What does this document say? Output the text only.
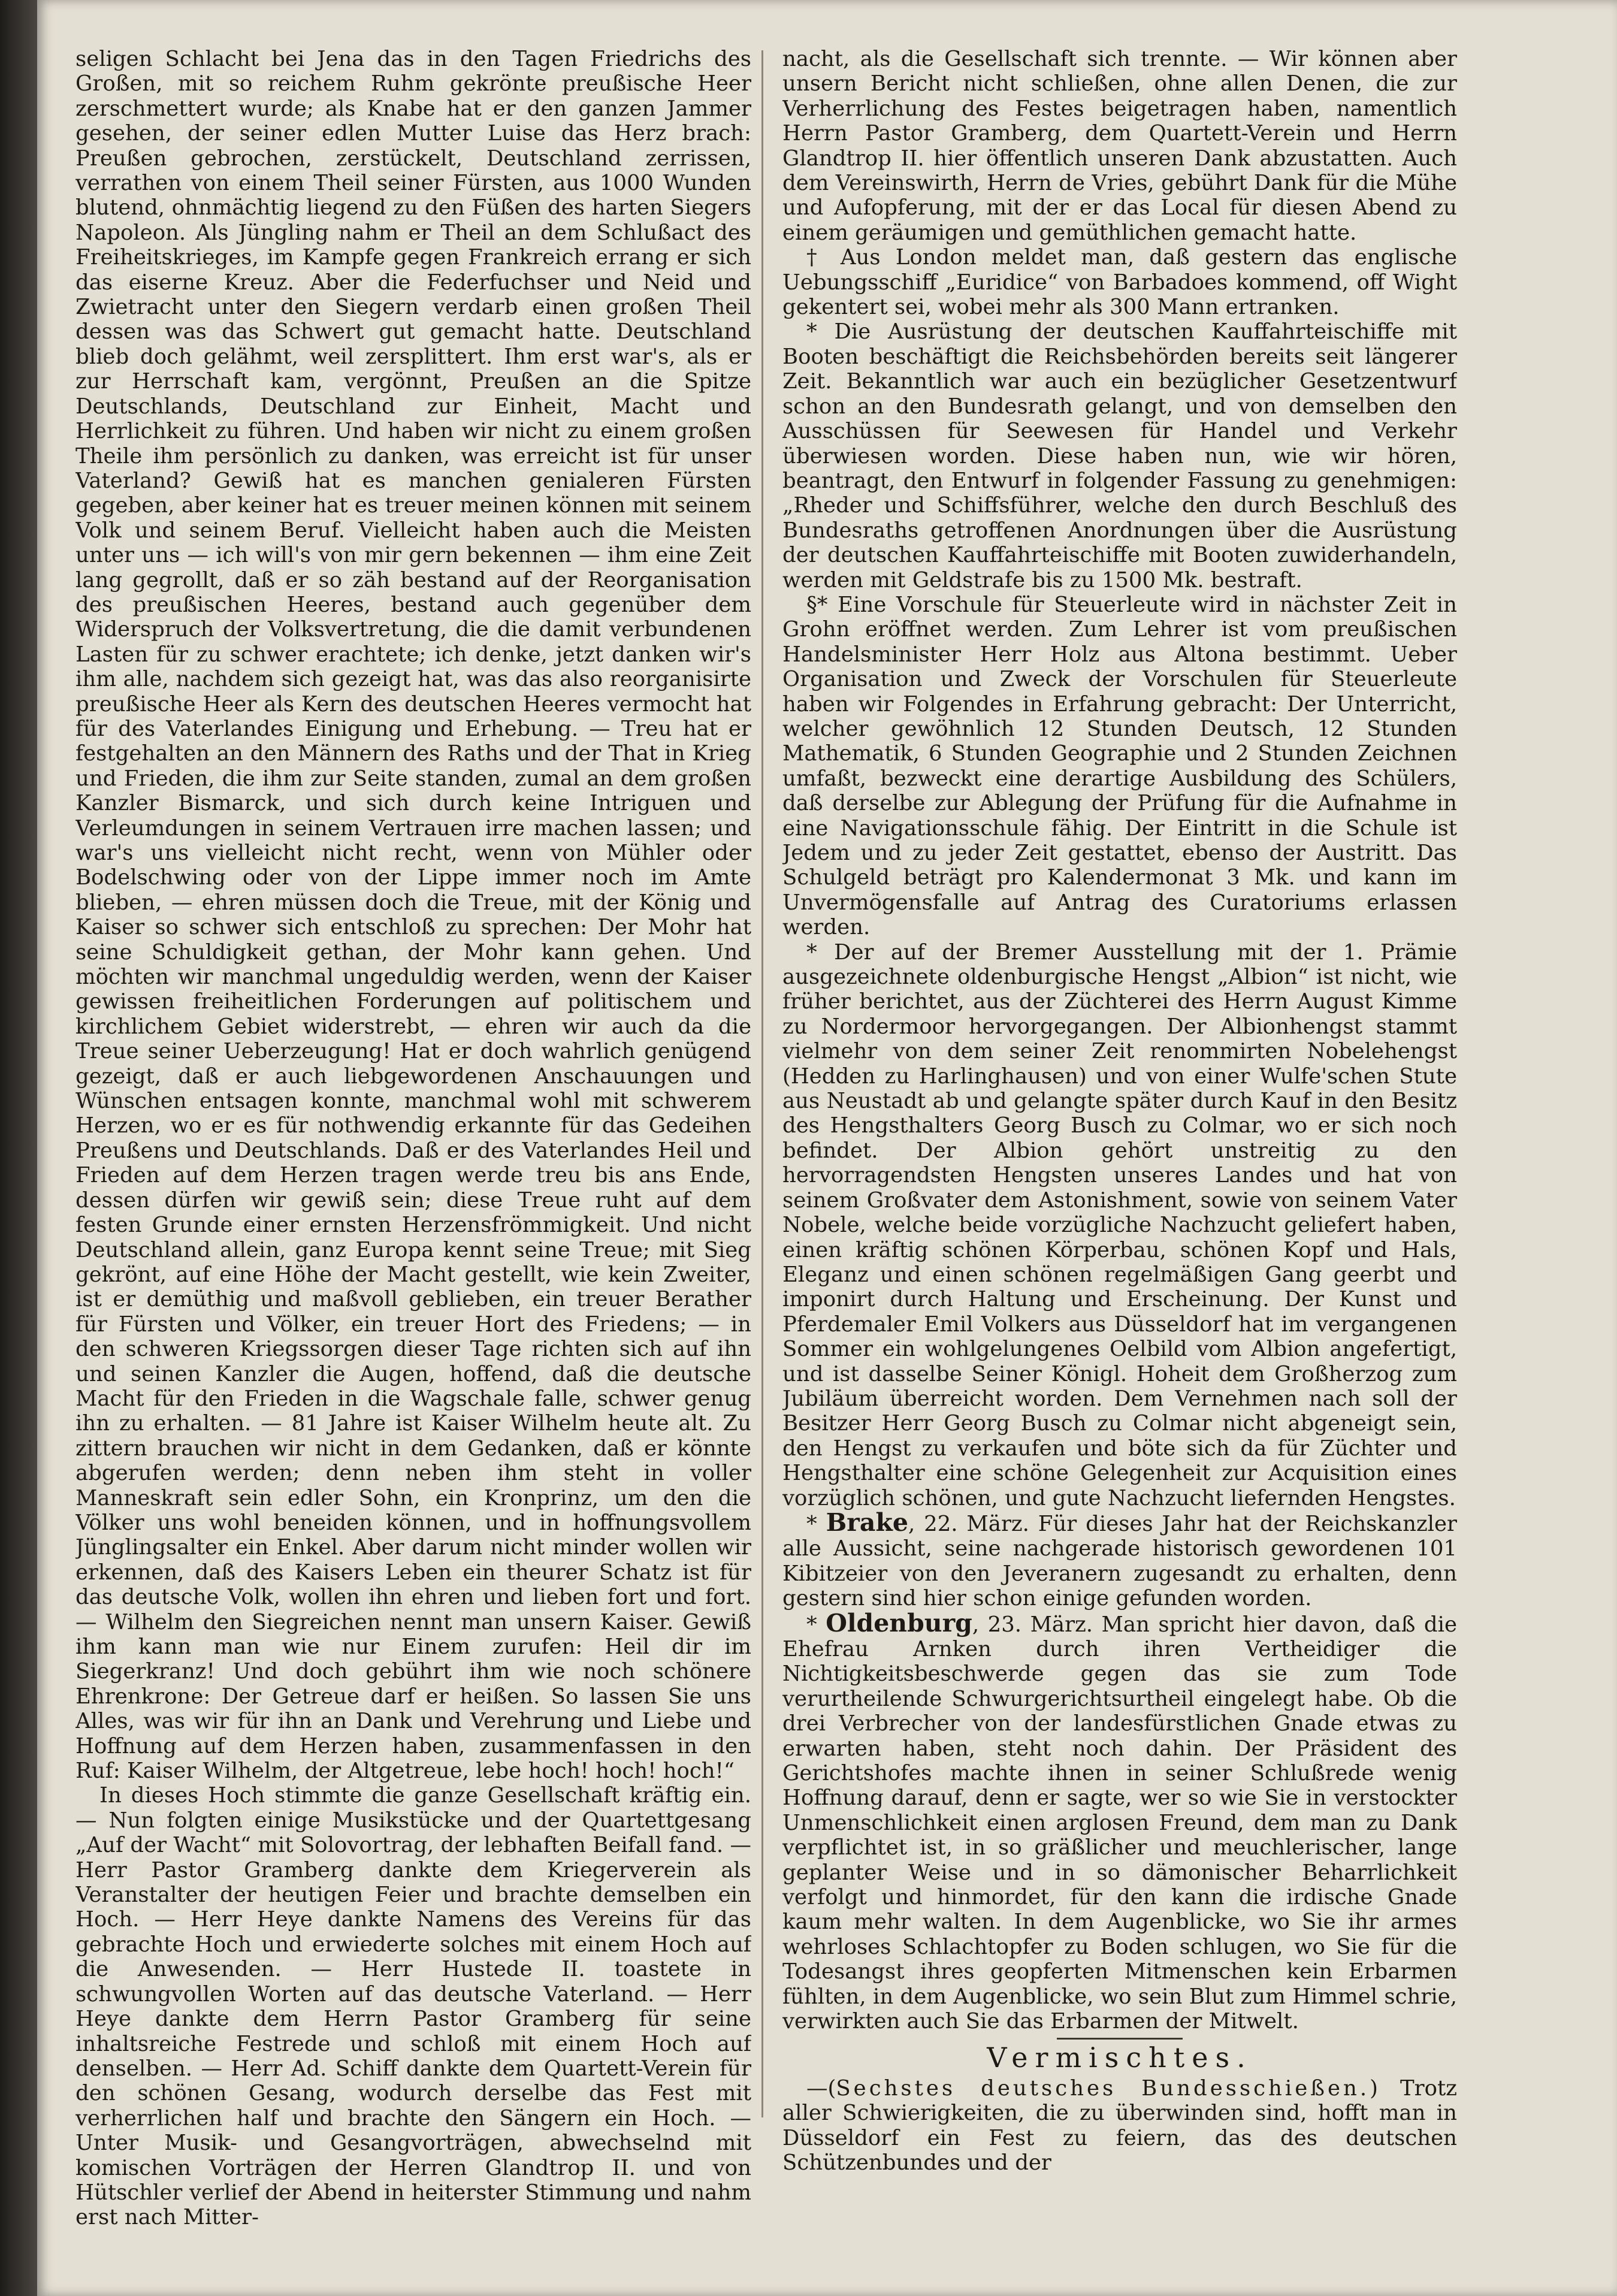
seligen Schlacht bei Jena das in den Tagen Friedrichs des Großen, mit so reichem Ruhm gekrönte preußische Heer zerschmettert wurde; als Knabe hat er den ganzen Jammer gesehen, der seiner edlen Mutter Luise das Herz brach: Preußen gebrochen, zerstückelt, Deutschland zerrissen, verrathen von einem Theil seiner Fürsten, aus 1000 Wunden blutend, ohnmächtig liegend zu den Füßen des harten Siegers Napoleon. Als Jüngling nahm er Theil an dem Schlußact des Freiheitskrieges, im Kampfe gegen Frankreich errang er sich das eiserne Kreuz. Aber die Federfuchser und Neid und Zwietracht unter den Siegern verdarb einen großen Theil dessen was das Schwert gut gemacht hatte. Deutschland blieb doch gelähmt, weil zersplittert. Ihm erst war's, als er zur Herrschaft kam, vergönnt, Preußen an die Spitze Deutschlands, Deutschland zur Einheit, Macht und Herrlichkeit zu führen. Und haben wir nicht zu einem großen Theile ihm persönlich zu danken, was erreicht ist für unser Vaterland? Gewiß hat es manchen genialeren Fürsten gegeben, aber keiner hat es treuer meinen können mit seinem Volk und seinem Beruf. Vielleicht haben auch die Meisten unter uns — ich will's von mir gern bekennen — ihm eine Zeit lang gegrollt, daß er so zäh bestand auf der Reorganisation des preußischen Heeres, bestand auch gegenüber dem Widerspruch der Volksvertretung, die die damit verbundenen Lasten für zu schwer erachtete; ich denke, jetzt danken wir's ihm alle, nachdem sich gezeigt hat, was das also reorganisirte preußische Heer als Kern des deutschen Heeres vermocht hat für des Vaterlandes Einigung und Erhebung. — Treu hat er festgehalten an den Männern des Raths und der That in Krieg und Frieden, die ihm zur Seite standen, zumal an dem großen Kanzler Bismarck, und sich durch keine Intriguen und Verleumdungen in seinem Vertrauen irre machen lassen; und war's uns vielleicht nicht recht, wenn von Mühler oder Bodelschwing oder von der Lippe immer noch im Amte blieben, — ehren müssen doch die Treue, mit der König und Kaiser so schwer sich entschloß zu sprechen: Der Mohr hat seine Schuldigkeit gethan, der Mohr kann gehen. Und möchten wir manchmal ungeduldig werden, wenn der Kaiser gewissen freiheitlichen Forderungen auf politischem und kirchlichem Gebiet widerstrebt, — ehren wir auch da die Treue seiner Ueberzeugung! Hat er doch wahrlich genügend gezeigt, daß er auch liebgewordenen Anschauungen und Wünschen entsagen konnte, manchmal wohl mit schwerem Herzen, wo er es für nothwendig erkannte für das Gedeihen Preußens und Deutschlands. Daß er des Vaterlandes Heil und Frieden auf dem Herzen tragen werde treu bis ans Ende, dessen dürfen wir gewiß sein; diese Treue ruht auf dem festen Grunde einer ernsten Herzensfrömmigkeit. Und nicht Deutschland allein, ganz Europa kennt seine Treue; mit Sieg gekrönt, auf eine Höhe der Macht gestellt, wie kein Zweiter, ist er demüthig und maßvoll geblieben, ein treuer Berather für Fürsten und Völker, ein treuer Hort des Friedens; — in den schweren Kriegssorgen dieser Tage richten sich auf ihn und seinen Kanzler die Augen, hoffend, daß die deutsche Macht für den Frieden in die Wagschale falle, schwer genug ihn zu erhalten. — 81 Jahre ist Kaiser Wilhelm heute alt. Zu zittern brauchen wir nicht in dem Gedanken, daß er könnte abgerufen werden; denn neben ihm steht in voller Manneskraft sein edler Sohn, ein Kronprinz, um den die Völker uns wohl beneiden können, und in hoffnungsvollem Jünglingsalter ein Enkel. Aber darum nicht minder wollen wir erkennen, daß des Kaisers Leben ein theurer Schatz ist für das deutsche Volk, wollen ihn ehren und lieben fort und fort. — Wilhelm den Siegreichen nennt man unsern Kaiser. Gewiß ihm kann man wie nur Einem zurufen: Heil dir im Siegerkranz! Und doch gebührt ihm wie noch schönere Ehrenkrone: Der Getreue darf er heißen. So lassen Sie uns Alles, was wir für ihn an Dank und Verehrung und Liebe und Hoffnung auf dem Herzen haben, zusammenfassen in den Ruf: Kaiser Wilhelm, der Altgetreue, lebe hoch! hoch! hoch!“

In dieses Hoch stimmte die ganze Gesellschaft kräftig ein. — Nun folgten einige Musikstücke und der Quartettgesang „Auf der Wacht“ mit Solovortrag, der lebhaften Beifall fand. — Herr Pastor Gramberg dankte dem Kriegerverein als Veranstalter der heutigen Feier und brachte demselben ein Hoch. — Herr Heye dankte Namens des Vereins für das gebrachte Hoch und erwiederte solches mit einem Hoch auf die Anwesenden. — Herr Hustede II. toastete in schwungvollen Worten auf das deutsche Vaterland. — Herr Heye dankte dem Herrn Pastor Gramberg für seine inhaltsreiche Festrede und schloß mit einem Hoch auf denselben. — Herr Ad. Schiff dankte dem Quartett-Verein für den schönen Gesang, wodurch derselbe das Fest mit verherrlichen half und brachte den Sängern ein Hoch. — Unter Musik- und Gesangvorträgen, abwechselnd mit komischen Vorträgen der Herren Glandtrop II. und von Hütschler verlief der Abend in heiterster Stimmung und nahm erst nach Mitter-

nacht, als die Gesellschaft sich trennte. — Wir können aber unsern Bericht nicht schließen, ohne allen Denen, die zur Verherrlichung des Festes beigetragen haben, namentlich Herrn Pastor Gramberg, dem Quartett-Verein und Herrn Glandtrop II. hier öffentlich unseren Dank abzustatten. Auch dem Vereinswirth, Herrn de Vries, gebührt Dank für die Mühe und Aufopferung, mit der er das Local für diesen Abend zu einem geräumigen und gemüthlichen gemacht hatte.

† Aus London meldet man, daß gestern das englische Uebungsschiff „Euridice“ von Barbadoes kommend, off Wight gekentert sei, wobei mehr als 300 Mann ertranken.

* Die Ausrüstung der deutschen Kauffahrteischiffe mit Booten beschäftigt die Reichsbehörden bereits seit längerer Zeit. Bekanntlich war auch ein bezüglicher Gesetzentwurf schon an den Bundesrath gelangt, und von demselben den Ausschüssen für Seewesen für Handel und Verkehr überwiesen worden. Diese haben nun, wie wir hören, beantragt, den Entwurf in folgender Fassung zu genehmigen: „Rheder und Schiffsführer, welche den durch Beschluß des Bundesraths getroffenen Anordnungen über die Ausrüstung der deutschen Kauffahrteischiffe mit Booten zuwiderhandeln, werden mit Geldstrafe bis zu 1500 Mk. bestraft.

§* Eine Vorschule für Steuerleute wird in nächster Zeit in Grohn eröffnet werden. Zum Lehrer ist vom preußischen Handelsminister Herr Holz aus Altona bestimmt. Ueber Organisation und Zweck der Vorschulen für Steuerleute haben wir Folgendes in Erfahrung gebracht: Der Unterricht, welcher gewöhnlich 12 Stunden Deutsch, 12 Stunden Mathematik, 6 Stunden Geographie und 2 Stunden Zeichnen umfaßt, bezweckt eine derartige Ausbildung des Schülers, daß derselbe zur Ablegung der Prüfung für die Aufnahme in eine Navigationsschule fähig. Der Eintritt in die Schule ist Jedem und zu jeder Zeit gestattet, ebenso der Austritt. Das Schulgeld beträgt pro Kalendermonat 3 Mk. und kann im Unvermögensfalle auf Antrag des Curatoriums erlassen werden.

* Der auf der Bremer Ausstellung mit der 1. Prämie ausgezeichnete oldenburgische Hengst „Albion“ ist nicht, wie früher berichtet, aus der Züchterei des Herrn August Kimme zu Nordermoor hervorgegangen. Der Albionhengst stammt vielmehr von dem seiner Zeit renommirten Nobelehengst (Hedden zu Harlinghausen) und von einer Wulfe'schen Stute aus Neustadt ab und gelangte später durch Kauf in den Besitz des Hengsthalters Georg Busch zu Colmar, wo er sich noch befindet. Der Albion gehört unstreitig zu den hervorragendsten Hengsten unseres Landes und hat von seinem Großvater dem Astonishment, sowie von seinem Vater Nobele, welche beide vorzügliche Nachzucht geliefert haben, einen kräftig schönen Körperbau, schönen Kopf und Hals, Eleganz und einen schönen regelmäßigen Gang geerbt und imponirt durch Haltung und Erscheinung. Der Kunst und Pferdemaler Emil Volkers aus Düsseldorf hat im vergangenen Sommer ein wohlgelungenes Oelbild vom Albion angefertigt, und ist dasselbe Seiner Königl. Hoheit dem Großherzog zum Jubiläum überreicht worden. Dem Vernehmen nach soll der Besitzer Herr Georg Busch zu Colmar nicht abgeneigt sein, den Hengst zu verkaufen und böte sich da für Züchter und Hengsthalter eine schöne Gelegenheit zur Acquisition eines vorzüglich schönen, und gute Nachzucht liefernden Hengstes.

* Brake, 22. März. Für dieses Jahr hat der Reichskanzler alle Aussicht, seine nachgerade historisch gewordenen 101 Kibitzeier von den Jeveranern zugesandt zu erhalten, denn gestern sind hier schon einige gefunden worden.

* Oldenburg, 23. März. Man spricht hier davon, daß die Ehefrau Arnken durch ihren Vertheidiger die Nichtigkeitsbeschwerde gegen das sie zum Tode verurtheilende Schwurgerichtsurtheil eingelegt habe. Ob die drei Verbrecher von der landesfürstlichen Gnade etwas zu erwarten haben, steht noch dahin. Der Präsident des Gerichtshofes machte ihnen in seiner Schlußrede wenig Hoffnung darauf, denn er sagte, wer so wie Sie in verstockter Unmenschlichkeit einen arglosen Freund, dem man zu Dank verpflichtet ist, in so gräßlicher und meuchlerischer, lange geplanter Weise und in so dämonischer Beharrlichkeit verfolgt und hinmordet, für den kann die irdische Gnade kaum mehr walten. In dem Augenblicke, wo Sie ihr armes wehrloses Schlachtopfer zu Boden schlugen, wo Sie für die Todesangst ihres geopferten Mitmenschen kein Erbarmen fühlten, in dem Augenblicke, wo sein Blut zum Himmel schrie, verwirkten auch Sie das Erbarmen der Mitwelt.

Vermischtes.

—(Sechstes deutsches Bundesschießen.) Trotz aller Schwierigkeiten, die zu überwinden sind, hofft man in Düsseldorf ein Fest zu feiern, das des deutschen Schützenbundes und der
